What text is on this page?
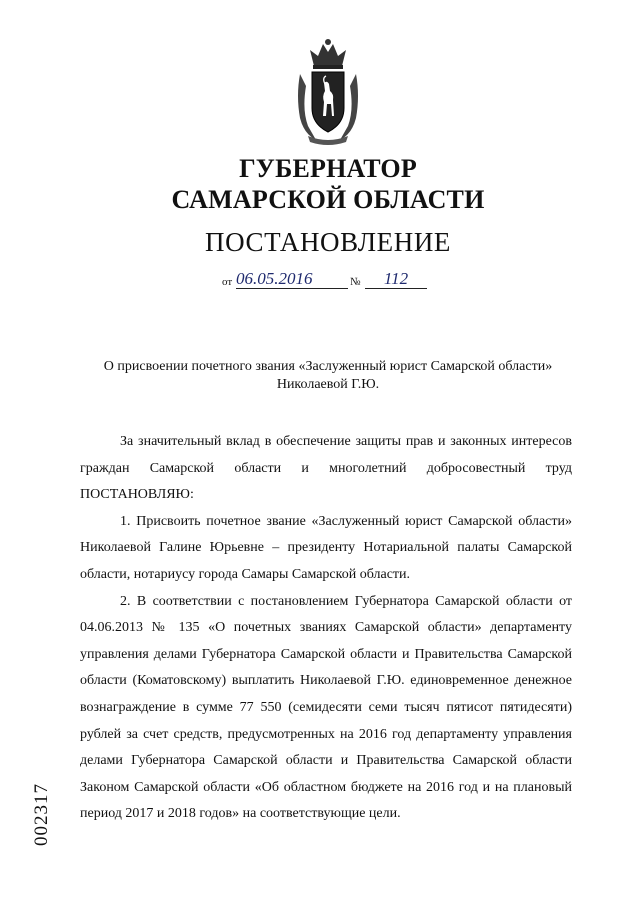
ГУБЕРНАТОР
САМАРСКОЙ ОБЛАСТИ
ПОСТАНОВЛЕНИЕ
от 06.05.2016	№	112
О присвоении почетного звания «Заслуженный юрист Самарской области»
Николаевой Г.Ю.

За значительный вклад в обеспечение защиты прав и законных интересов граждан Самарской области и многолетний добросовестный труд ПОСТАНОВЛЯЮ:

1. Присвоить почетное звание «Заслуженный юрист Самарской области» Николаевой Галине Юрьевне – президенту Нотариальной палаты Самарской области, нотариусу города Самары Самарской области.

2. В соответствии с постановлением Губернатора Самарской области от 04.06.2013 № 135 «О почетных званиях Самарской области» департаменту управления делами Губернатора Самарской области и Правительства Самарской области (Коматовскому) выплатить Николаевой Г.Ю. единовременное денежное вознаграждение в сумме 77 550 (семидесяти семи тысяч пятисот пятидесяти) рублей за счет средств, предусмотренных на 2016 год департаменту управления делами Губернатора Самарской области и Правительства Самарской области Законом Самарской области «Об областном бюджете на 2016 год и на плановый период 2017 и 2018 годов» на соответствующие цели.

002317
